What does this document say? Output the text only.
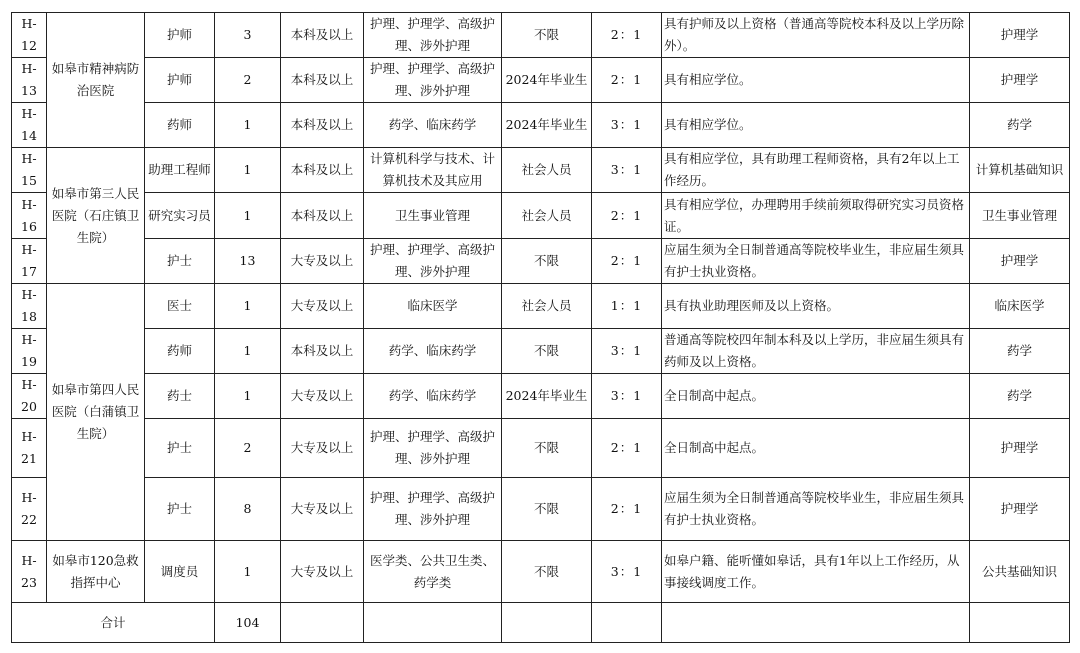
H-12	如皋市精神病防治医院	护师	3	本科及以上	护理、护理学、高级护理、涉外护理	不限	2：1	具有护师及以上资格（普通高等院校本科及以上学历除外）。	护理学
H-13		护师	2	本科及以上	护理、护理学、高级护理、涉外护理	2024年毕业生	2：1	具有相应学位。	护理学
H-14		药师	1	本科及以上	药学、临床药学	2024年毕业生	3：1	具有相应学位。	药学
H-15	如皋市第三人民医院（石庄镇卫生院）	助理工程师	1	本科及以上	计算机科学与技术、计算机技术及其应用	社会人员	3：1	具有相应学位，具有助理工程师资格，具有2年以上工作经历。	计算机基础知识
H-16		研究实习员	1	本科及以上	卫生事业管理	社会人员	2：1	具有相应学位，办理聘用手续前须取得研究实习员资格证。	卫生事业管理
H-17		护士	13	大专及以上	护理、护理学、高级护理、涉外护理	不限	2：1	应届生须为全日制普通高等院校毕业生，非应届生须具有护士执业资格。	护理学
H-18	如皋市第四人民医院（白蒲镇卫生院）	医士	1	大专及以上	临床医学	社会人员	1：1	具有执业助理医师及以上资格。	临床医学
H-19		药师	1	本科及以上	药学、临床药学	不限	3：1	普通高等院校四年制本科及以上学历，非应届生须具有药师及以上资格。	药学
H-20		药士	1	大专及以上	药学、临床药学	2024年毕业生	3：1	全日制高中起点。	药学
H-21		护士	2	大专及以上	护理、护理学、高级护理、涉外护理	不限	2：1	全日制高中起点。	护理学
H-22		护士	8	大专及以上	护理、护理学、高级护理、涉外护理	不限	2：1	应届生须为全日制普通高等院校毕业生，非应届生须具有护士执业资格。	护理学
H-23	如皋市120急救指挥中心	调度员	1	大专及以上	医学类、公共卫生类、药学类	不限	3：1	如皋户籍、能听懂如皋话，具有1年以上工作经历，从事接线调度工作。	公共基础知识
合计			104						
